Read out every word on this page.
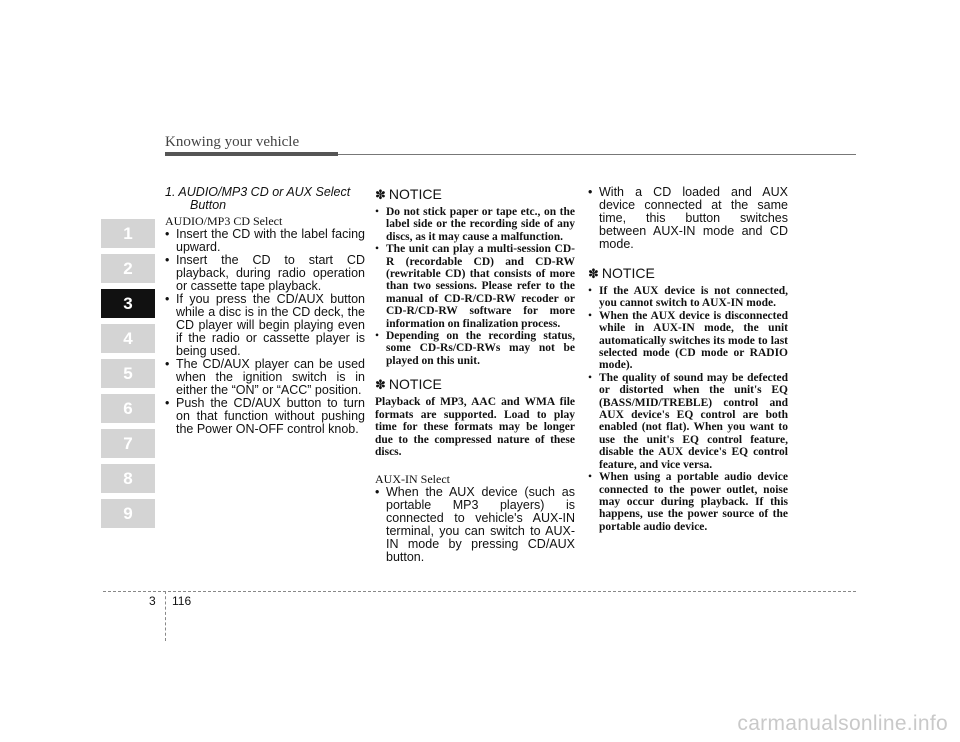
Knowing your vehicle
1
2
3
4
5
6
7
8
9
1. AUDIO/MP3 CD or AUX Select
Button
AUDIO/MP3 CD Select
• Insert the CD with the label facing upward.
• Insert the CD to start CD playback, during radio operation or cassette tape playback.
• If you press the CD/AUX button while a disc is in the CD deck, the CD player will begin playing even if the radio or cassette player is being used.
• The CD/AUX player can be used when the ignition switch is in either the “ON” or “ACC” position.
• Push the CD/AUX button to turn on that function without pushing the Power ON-OFF control knob.
✽ NOTICE
• Do not stick paper or tape etc., on the label side or the recording side of any discs, as it may cause a malfunction.
• The unit can play a multi-session CD-R (recordable CD) and CD-RW (rewritable CD) that consists of more than two sessions. Please refer to the manual of CD-R/CD-RW recoder or CD-R/CD-RW software for more information on finalization process.
• Depending on the recording status, some CD-Rs/CD-RWs may not be played on this unit.
✽ NOTICE
Playback of MP3, AAC and WMA file formats are supported. Load to play time for these formats may be longer due to the compressed nature of these discs.
AUX-IN Select
• When the AUX device (such as portable MP3 players) is connected to vehicle's AUX-IN terminal, you can switch to AUX-IN mode by pressing CD/AUX button.
• With a CD loaded and AUX device connected at the same time, this button switches between AUX-IN mode and CD mode.
✽ NOTICE
• If the AUX device is not connected, you cannot switch to AUX-IN mode.
• When the AUX device is disconnected while in AUX-IN mode, the unit automatically switches its mode to last selected mode (CD mode or RADIO mode).
• The quality of sound may be defected or distorted when the unit's EQ (BASS/MID/TREBLE) control and AUX device's EQ control are both enabled (not flat). When you want to use the unit's EQ control feature, disable the AUX device's EQ control feature, and vice versa.
• When using a portable audio device connected to the power outlet, noise may occur during playback. If this happens, use the power source of the portable audio device.
3 116
carmanualsonline.info
